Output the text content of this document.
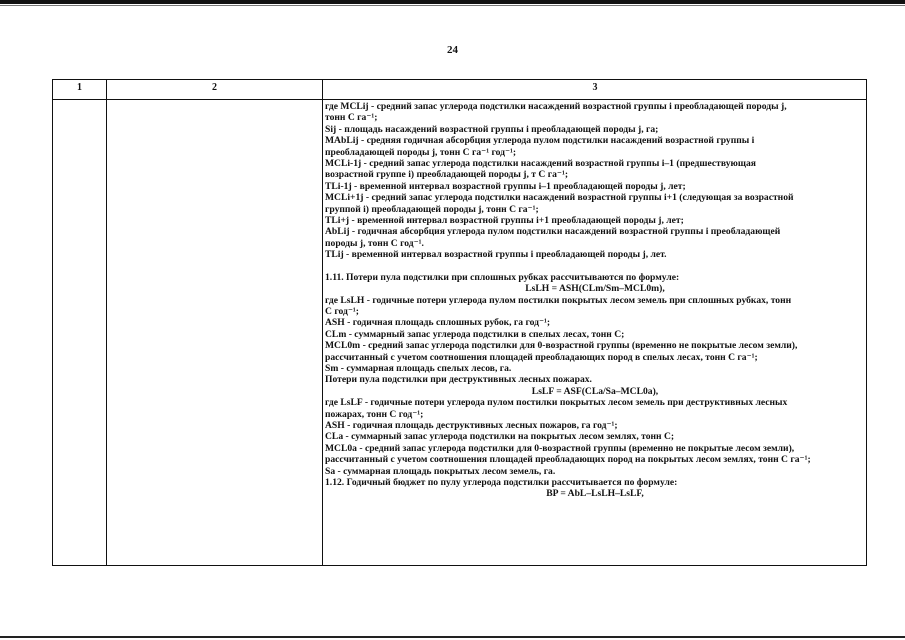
24
1	2	3
где MCLij - средний запас углерода подстилки насаждений возрастной группы i преобладающей породы j,
тонн С га⁻¹;
Sij - площадь насаждений возрастной группы i преобладающей породы j, га;
MAbLij - средняя годичная абсорбция углерода пулом подстилки насаждений возрастной группы i
преобладающей породы j, тонн С га⁻¹ год⁻¹;
MCLi-1j - средний запас углерода подстилки насаждений возрастной группы i–1 (предшествующая
возрастной группе i) преобладающей породы j, т С га⁻¹;
TLi-1j - временной интервал возрастной группы i–1 преобладающей породы j, лет;
MCLi+1j - средний запас углерода подстилки насаждений возрастной группы i+1 (следующая за возрастной
группой i) преобладающей породы j, тонн С га⁻¹;
TLi+j - временной интервал возрастной группы i+1 преобладающей породы j, лет;
AbLij - годичная абсорбция углерода пулом подстилки насаждений возрастной группы i преобладающей
породы j, тонн С год⁻¹.
TLij - временной интервал возрастной группы i преобладающей породы j, лет.
1.11. Потери пула подстилки при сплошных рубках рассчитываются по формуле:
LsLH = ASH(CLm/Sm–MCL0m),
где LsLH - годичные потери углерода пулом постилки покрытых лесом земель при сплошных рубках, тонн
С год⁻¹;
ASH - годичная площадь сплошных рубок, га год⁻¹;
CLm - суммарный запас углерода подстилки в спелых лесах, тонн С;
MCL0m - средний запас углерода подстилки для 0-возрастной группы (временно не покрытые лесом земли),
рассчитанный с учетом соотношения площадей преобладающих пород в спелых лесах, тонн С га⁻¹;
Sm - суммарная площадь спелых лесов, га.
Потери пула подстилки при деструктивных лесных пожарах.
LsLF = ASF(CLa/Sa–MCL0a),
где LsLF - годичные потери углерода пулом постилки покрытых лесом земель при деструктивных лесных
пожарах, тонн С год⁻¹;
ASH - годичная площадь деструктивных лесных пожаров, га год⁻¹;
CLa - суммарный запас углерода подстилки на покрытых лесом землях, тонн С;
MCL0a - средний запас углерода подстилки для 0-возрастной группы (временно не покрытые лесом земли),
рассчитанный с учетом соотношения площадей преобладающих пород на покрытых лесом землях, тонн С га⁻¹;
Sa - суммарная площадь покрытых лесом земель, га.
1.12. Годичный бюджет по пулу углерода подстилки рассчитывается по формуле:
BP = AbL–LsLH–LsLF,
